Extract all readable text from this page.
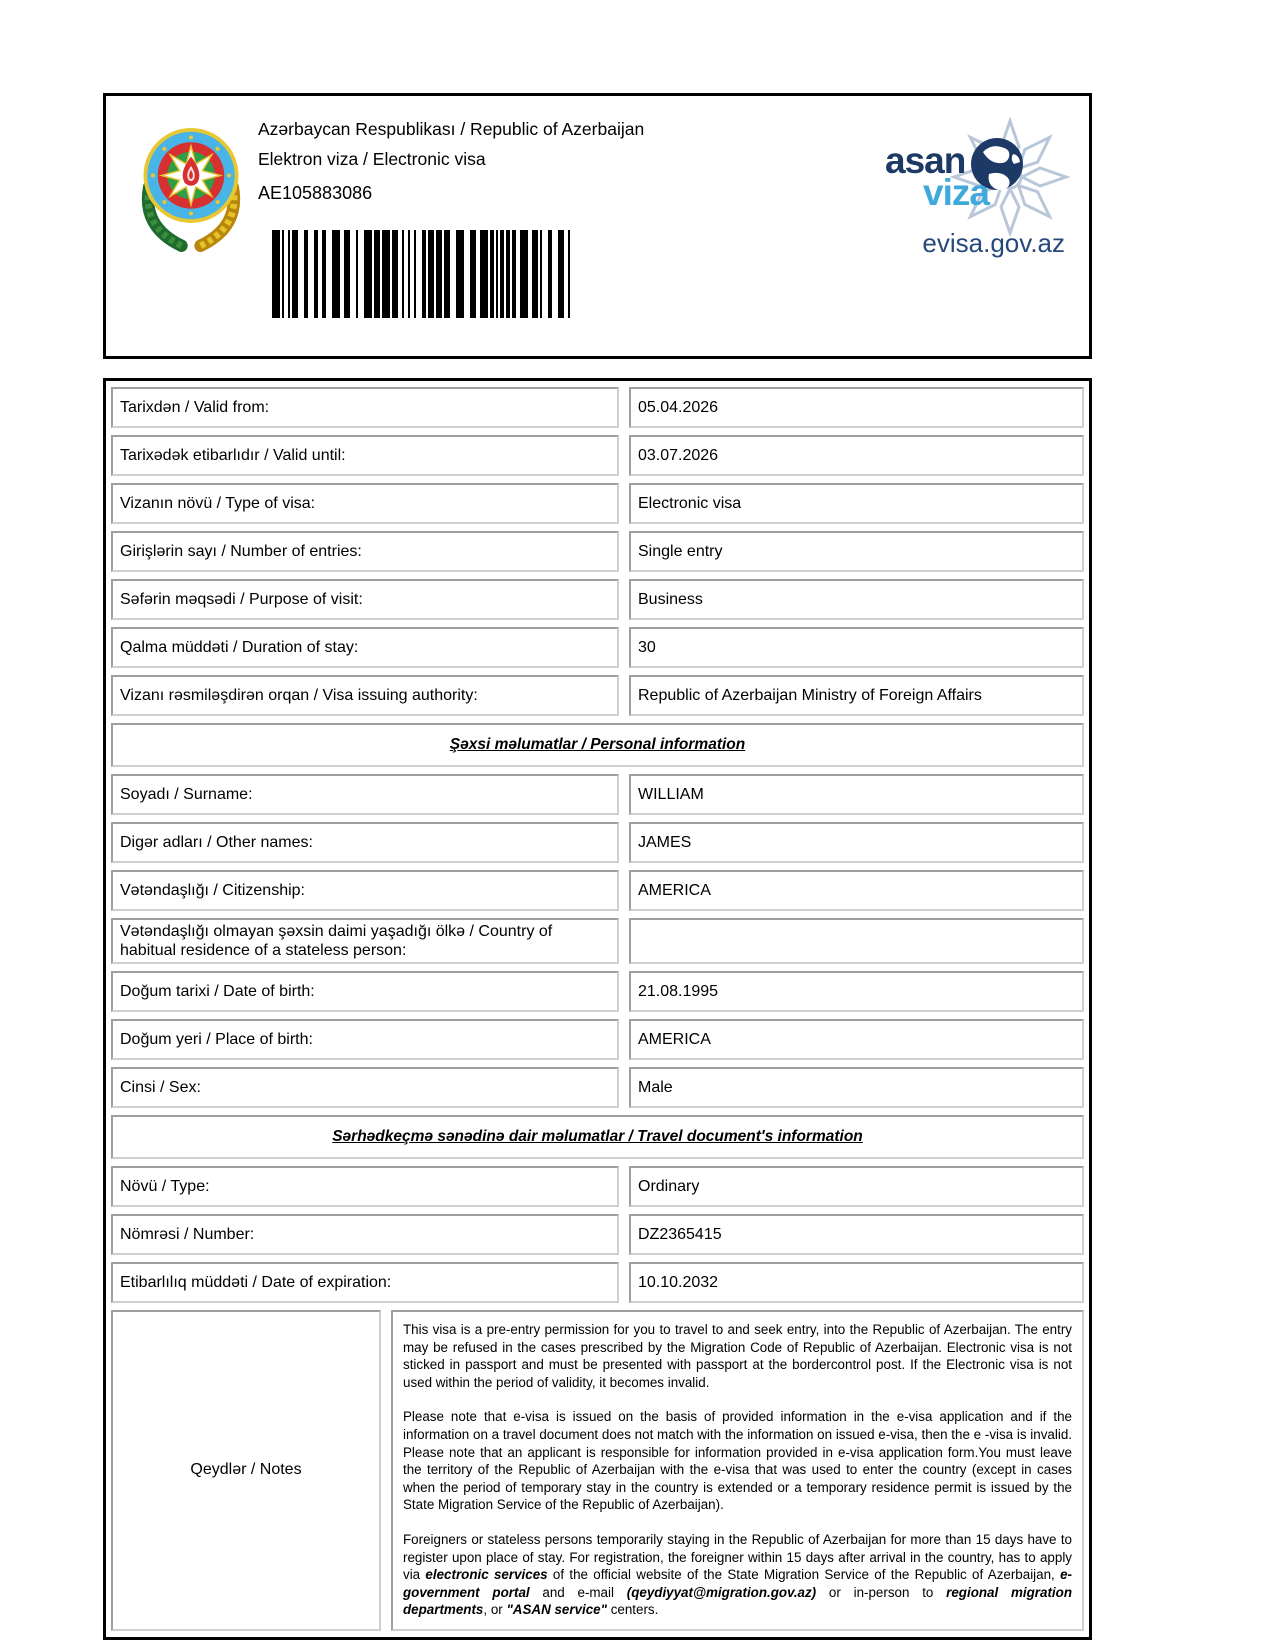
Azərbaycan Respublikası / Republic of Azerbaijan
Elektron viza / Electronic visa
AE105883086
asan
viza
evisa.gov.az
Tarixdən / Valid from:	05.04.2026
Tarixədək etibarlıdır / Valid until:	03.07.2026
Vizanın növü / Type of visa:	Electronic visa
Girişlərin sayı / Number of entries:	Single entry
Səfərin məqsədi / Purpose of visit:	Business
Qalma müddəti / Duration of stay:	30
Vizanı rəsmiləşdirən orqan / Visa issuing authority:	Republic of Azerbaijan Ministry of Foreign Affairs
Şəxsi məlumatlar / Personal information
Soyadı / Surname:	WILLIAM
Digər adları / Other names:	JAMES
Vətəndaşlığı / Citizenship:	AMERICA
Vətəndaşlığı olmayan şəxsin daimi yaşadığı ölkə / Country of habitual residence of a stateless person:
Doğum tarixi / Date of birth:	21.08.1995
Doğum yeri / Place of birth:	AMERICA
Cinsi / Sex:	Male
Sərhədkeçmə sənədinə dair məlumatlar / Travel document's information
Növü / Type:	Ordinary
Nömrəsi / Number:	DZ2365415
Etibarlılıq müddəti / Date of expiration:	10.10.2032
Qeydlər / Notes

This visa is a pre-entry permission for you to travel to and seek entry, into the Republic of Azerbaijan. The entry may be refused in the cases prescribed by the Migration Code of Republic of Azerbaijan. Electronic visa is not sticked in passport and must be presented with passport at the bordercontrol post. If the Electronic visa is not used within the period of validity, it becomes invalid.

Please note that e-visa is issued on the basis of provided information in the e-visa application and if the information on a travel document does not match with the information on issued e-visa, then the e -visa is invalid. Please note that an applicant is responsible for information provided in e-visa application form.You must leave the territory of the Republic of Azerbaijan with the e-visa that was used to enter the country (except in cases when the period of temporary stay in the country is extended or a temporary residence permit is issued by the State Migration Service of the Republic of Azerbaijan).

Foreigners or stateless persons temporarily staying in the Republic of Azerbaijan for more than 15 days have to register upon place of stay. For registration, the foreigner within 15 days after arrival in the country, has to apply via electronic services of the official website of the State Migration Service of the Republic of Azerbaijan, e-government portal and e-mail (qeydiyyat@migration.gov.az) or in-person to regional migration departments, or "ASAN service" centers.
